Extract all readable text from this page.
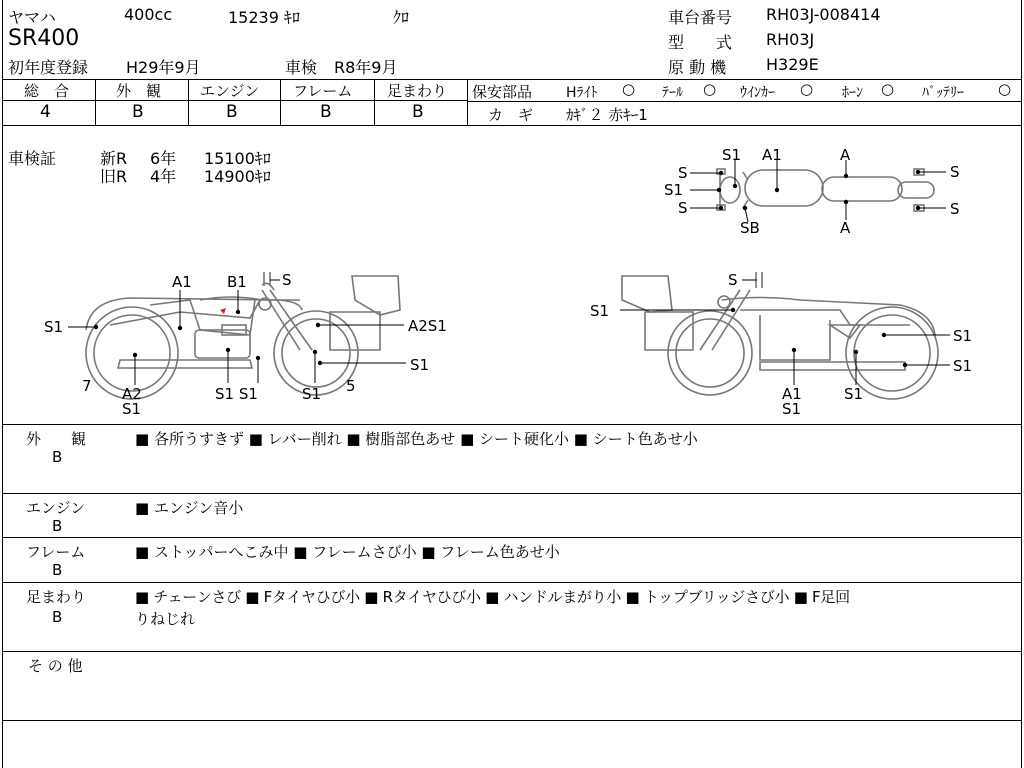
ヤマハ	400cc	15239 ｷﾛ	ｸﾛ
SR400
初年度登録 H29年9月	車検 R8年9月
車台番号 RH03J-008414
型　　式 RH03J
原 動 機 H329E
総　合
4
外　観
B
エンジン
B
フレーム
B
足まわり
B
保安部品 Hﾗｲﾄ ○ ﾃｰﾙ ○ ｳｲﾝｶｰ ○ ﾎｰﾝ ○ ﾊﾞｯﾃﾘｰ ○
カ　ギ ｶｷﾞ２ 赤ｷｰ1
車検証	新R 6年 15100ｷﾛ
旧R 4年 14900ｷﾛ
S1 A1	A
S
S1
S
S
S
SB	A
A1 B1 S
S1	A2S1
S1
7 A2
S1
S1 S1	S1 5
S
S1
S1
S1
A1
S1
S1
外　　観
B
■ 各所うすきず ■ レバー削れ ■ 樹脂部色あせ ■ シート硬化小 ■ シート色あせ小
エンジン
B
■ エンジン音小
フレーム
B
■ ストッパーへこみ中 ■ フレームさび小 ■ フレーム色あせ小
足まわり
B
■ チェーンさび ■ Fタイヤひび小 ■ Rタイヤひび小 ■ ハンドルまがり小 ■ トップブリッジさび小 ■ F足回
りねじれ
そ の 他
